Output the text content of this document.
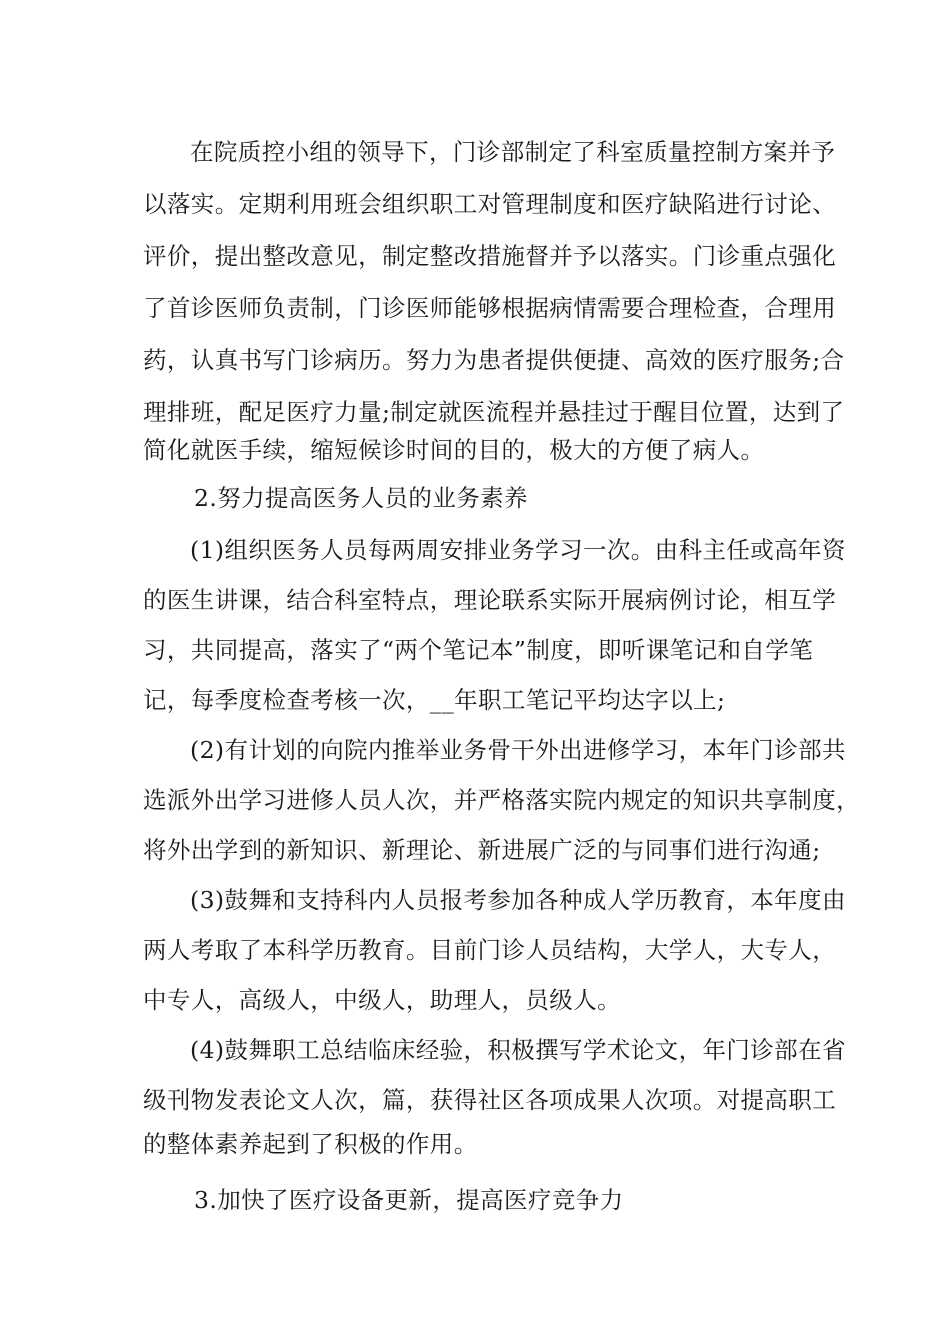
在院质控小组的领导下，门诊部制定了科室质量控制方案并予
以落实。定期利用班会组织职工对管理制度和医疗缺陷进行讨论、
评价，提出整改意见，制定整改措施督并予以落实。门诊重点强化
了首诊医师负责制，门诊医师能够根据病情需要合理检查，合理用
药，认真书写门诊病历。努力为患者提供便捷、高效的医疗服务;合
理排班，配足医疗力量;制定就医流程并悬挂过于醒目位置，达到了
简化就医手续，缩短候诊时间的目的，极大的方便了病人。
2.努力提高医务人员的业务素养
(1)组织医务人员每两周安排业务学习一次。由科主任或高年资
的医生讲课，结合科室特点，理论联系实际开展病例讨论，相互学
习，共同提高，落实了“两个笔记本”制度，即听课笔记和自学笔
记，每季度检查考核一次，__年职工笔记平均达字以上;
(2)有计划的向院内推举业务骨干外出进修学习，本年门诊部共
选派外出学习进修人员人次，并严格落实院内规定的知识共享制度，
将外出学到的新知识、新理论、新进展广泛的与同事们进行沟通;
(3)鼓舞和支持科内人员报考参加各种成人学历教育，本年度由
两人考取了本科学历教育。目前门诊人员结构，大学人，大专人，
中专人，高级人，中级人，助理人，员级人。
(4)鼓舞职工总结临床经验，积极撰写学术论文，年门诊部在省
级刊物发表论文人次，篇，获得社区各项成果人次项。对提高职工
的整体素养起到了积极的作用。
3.加快了医疗设备更新，提高医疗竞争力
